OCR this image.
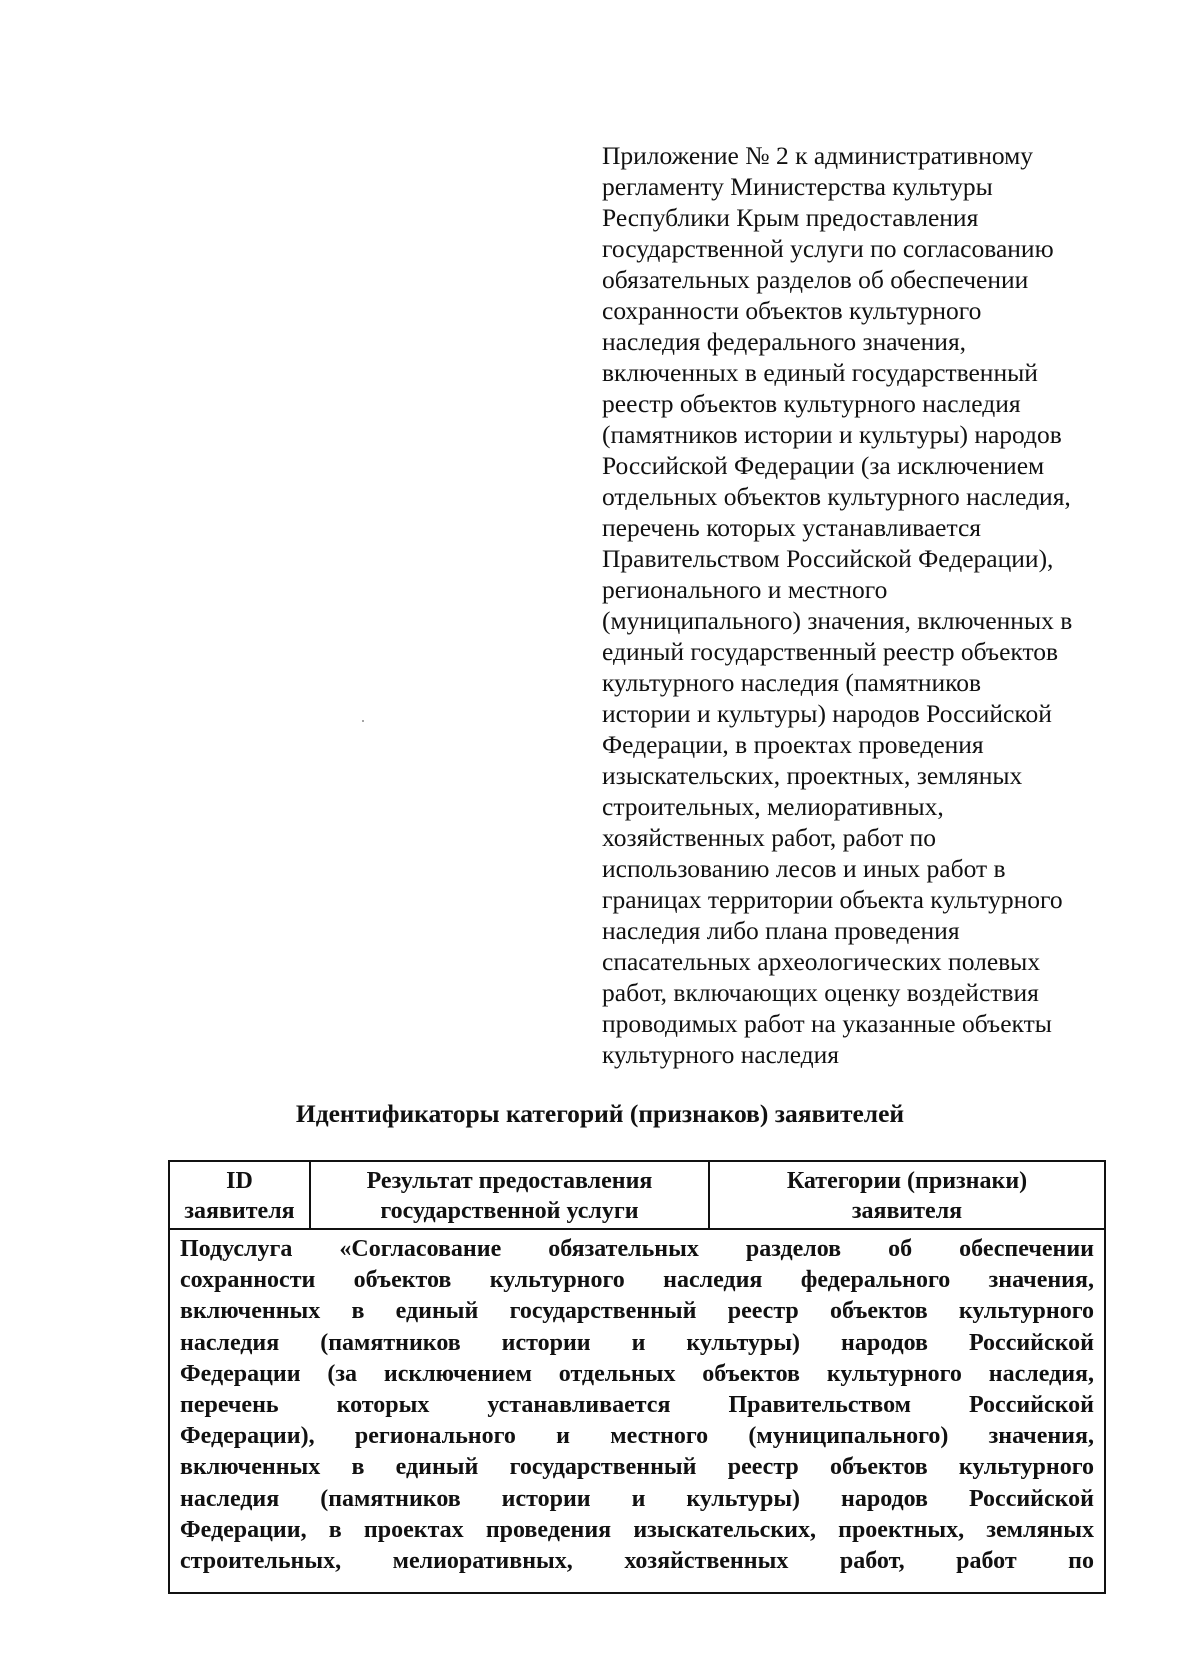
Приложение № 2 к административному
регламенту Министерства культуры
Республики Крым предоставления
государственной услуги по согласованию
обязательных разделов об обеспечении
сохранности объектов культурного
наследия федерального значения,
включенных в единый государственный
реестр объектов культурного наследия
(памятников истории и культуры) народов
Российской Федерации (за исключением
отдельных объектов культурного наследия,
перечень которых устанавливается
Правительством Российской Федерации),
регионального и местного
(муниципального) значения, включенных в
единый государственный реестр объектов
культурного наследия (памятников
истории и культуры) народов Российской
Федерации, в проектах проведения
изыскательских, проектных, земляных
строительных, мелиоративных,
хозяйственных работ, работ по
использованию лесов и иных работ в
границах территории объекта культурного
наследия либо плана проведения
спасательных археологических полевых
работ, включающих оценку воздействия
проводимых работ на указанные объекты
культурного наследия
Идентификаторы категорий (признаков) заявителей
ID
заявителя
Результат предоставления
государственной услуги
Категории (признаки)
заявителя
Подуслуга «Согласование обязательных разделов об обеспечении
сохранности объектов культурного наследия федерального значения,
включенных в единый государственный реестр объектов культурного
наследия (памятников истории и культуры) народов Российской
Федерации (за исключением отдельных объектов культурного наследия,
перечень которых устанавливается Правительством Российской
Федерации), регионального и местного (муниципального) значения,
включенных в единый государственный реестр объектов культурного
наследия (памятников истории и культуры) народов Российской
Федерации, в проектах проведения изыскательских, проектных, земляных
строительных, мелиоративных, хозяйственных работ, работ по
